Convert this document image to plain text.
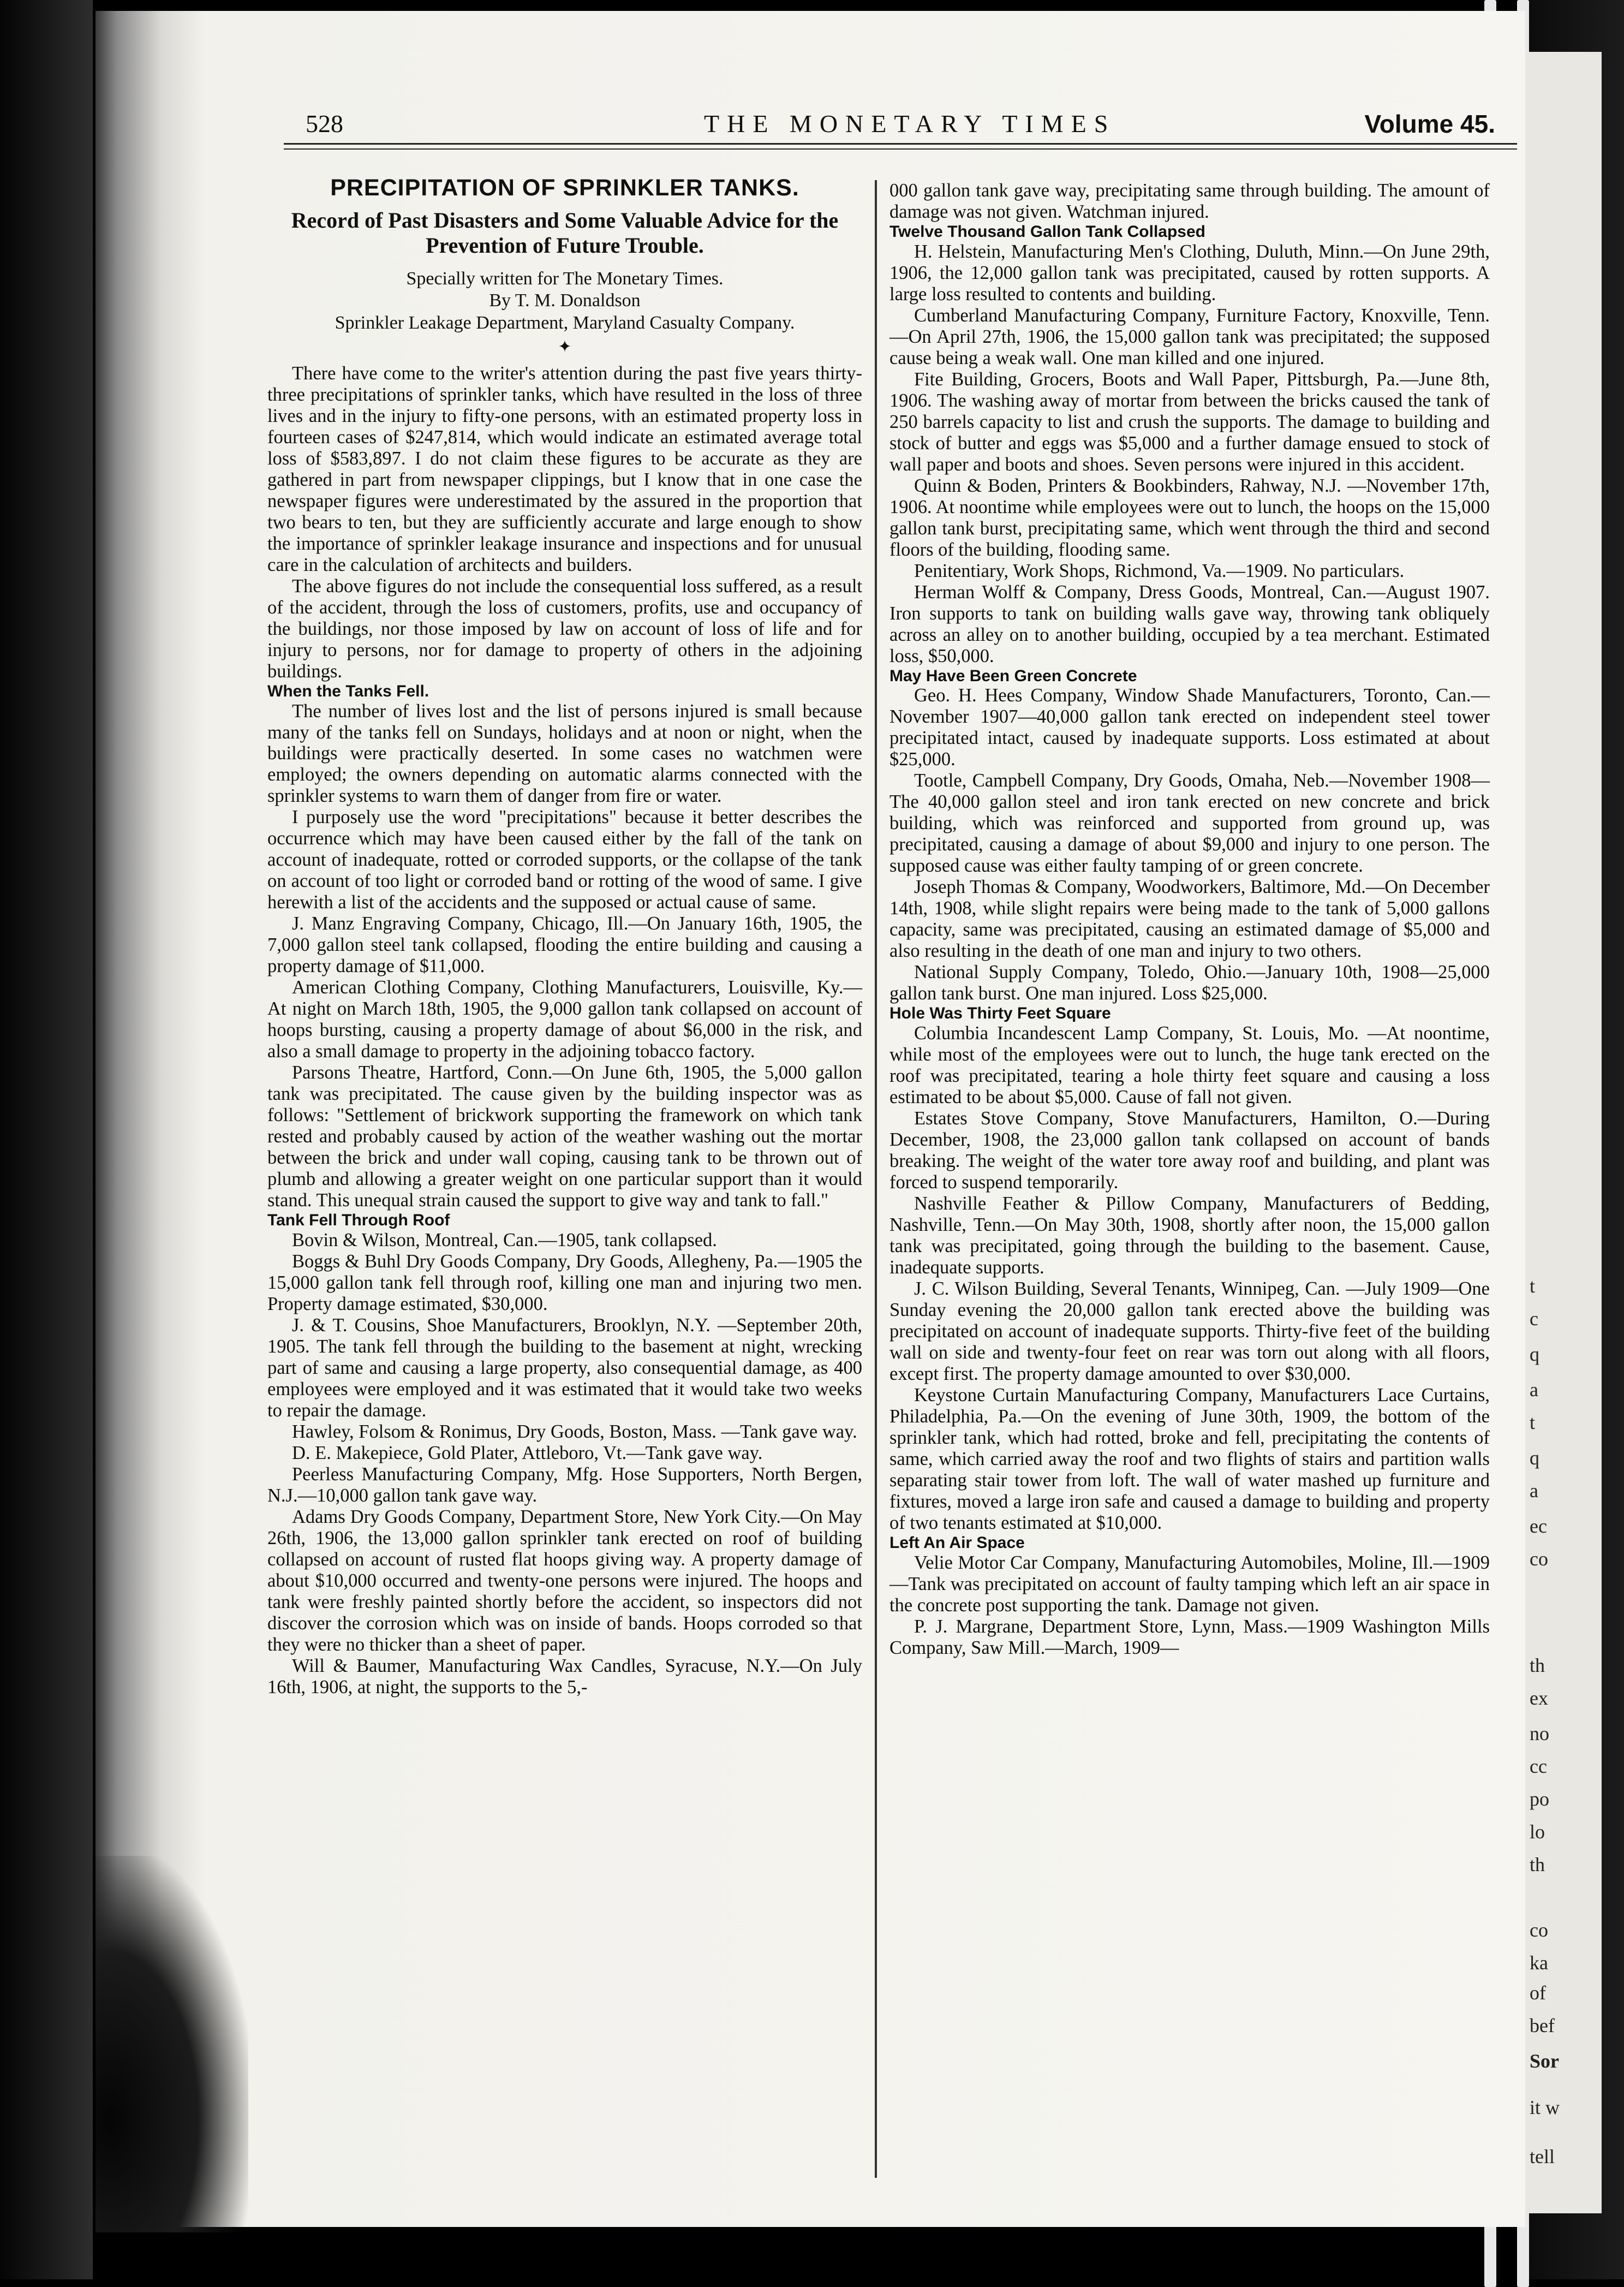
t
c
q
a
t
q
a
ec
co
th
ex
no
cc
po
lo
th
co
ka
of
bef
Sor
it w
tell
528	THE MONETARY TIMES	Volume 45.
PRECIPITATION OF SPRINKLER TANKS.
Record of Past Disasters and Some Valuable Advice for the Prevention of Future Trouble.
Specially written for The Monetary Times.
By T. M. Donaldson
Sprinkler Leakage Department, Maryland Casualty Company.
✦

There have come to the writer's attention during the past five years thirty-three precipitations of sprinkler tanks, which have resulted in the loss of three lives and in the injury to fifty-one persons, with an estimated property loss in fourteen cases of $247,814, which would indicate an estimated average total loss of $583,897. I do not claim these figures to be accurate as they are gathered in part from newspaper clippings, but I know that in one case the newspaper figures were underestimated by the assured in the proportion that two bears to ten, but they are sufficiently accurate and large enough to show the importance of sprinkler leakage insurance and inspections and for unusual care in the calculation of architects and builders.

The above figures do not include the consequential loss suffered, as a result of the accident, through the loss of customers, profits, use and occupancy of the buildings, nor those imposed by law on account of loss of life and for injury to persons, nor for damage to property of others in the adjoining buildings.

When the Tanks Fell.

The number of lives lost and the list of persons injured is small because many of the tanks fell on Sundays, holidays and at noon or night, when the buildings were practically deserted. In some cases no watchmen were employed; the owners depending on automatic alarms connected with the sprinkler systems to warn them of danger from fire or water.

I purposely use the word "precipitations" because it better describes the occurrence which may have been caused either by the fall of the tank on account of inadequate, rotted or corroded supports, or the collapse of the tank on account of too light or corroded band or rotting of the wood of same. I give herewith a list of the accidents and the supposed or actual cause of same.

J. Manz Engraving Company, Chicago, Ill.—On January 16th, 1905, the 7,000 gallon steel tank collapsed, flooding the entire building and causing a property damage of $11,000.

American Clothing Company, Clothing Manufacturers, Louisville, Ky.—At night on March 18th, 1905, the 9,000 gallon tank collapsed on account of hoops bursting, causing a property damage of about $6,000 in the risk, and also a small damage to property in the adjoining tobacco factory.

Parsons Theatre, Hartford, Conn.—On June 6th, 1905, the 5,000 gallon tank was precipitated. The cause given by the building inspector was as follows: "Settlement of brickwork supporting the framework on which tank rested and probably caused by action of the weather washing out the mortar between the brick and under wall coping, causing tank to be thrown out of plumb and allowing a greater weight on one particular support than it would stand. This unequal strain caused the support to give way and tank to fall."

Tank Fell Through Roof

Bovin & Wilson, Montreal, Can.—1905, tank collapsed.

Boggs & Buhl Dry Goods Company, Dry Goods, Allegheny, Pa.—1905 the 15,000 gallon tank fell through roof, killing one man and injuring two men. Property damage estimated, $30,000.

J. & T. Cousins, Shoe Manufacturers, Brooklyn, N.Y. —September 20th, 1905. The tank fell through the building to the basement at night, wrecking part of same and causing a large property, also consequential damage, as 400 employees were employed and it was estimated that it would take two weeks to repair the damage.

Hawley, Folsom & Ronimus, Dry Goods, Boston, Mass. —Tank gave way.

D. E. Makepiece, Gold Plater, Attleboro, Vt.—Tank gave way.

Peerless Manufacturing Company, Mfg. Hose Supporters, North Bergen, N.J.—10,000 gallon tank gave way.

Adams Dry Goods Company, Department Store, New York City.—On May 26th, 1906, the 13,000 gallon sprinkler tank erected on roof of building collapsed on account of rusted flat hoops giving way. A property damage of about $10,000 occurred and twenty-one persons were injured. The hoops and tank were freshly painted shortly before the accident, so inspectors did not discover the corrosion which was on inside of bands. Hoops corroded so that they were no thicker than a sheet of paper.

Will & Baumer, Manufacturing Wax Candles, Syracuse, N.Y.—On July 16th, 1906, at night, the supports to the 5,-

000 gallon tank gave way, precipitating same through building. The amount of damage was not given. Watchman injured.

Twelve Thousand Gallon Tank Collapsed

H. Helstein, Manufacturing Men's Clothing, Duluth, Minn.—On June 29th, 1906, the 12,000 gallon tank was precipitated, caused by rotten supports. A large loss resulted to contents and building.

Cumberland Manufacturing Company, Furniture Factory, Knoxville, Tenn.—On April 27th, 1906, the 15,000 gallon tank was precipitated; the supposed cause being a weak wall. One man killed and one injured.

Fite Building, Grocers, Boots and Wall Paper, Pittsburgh, Pa.—June 8th, 1906. The washing away of mortar from between the bricks caused the tank of 250 barrels capacity to list and crush the supports. The damage to building and stock of butter and eggs was $5,000 and a further damage ensued to stock of wall paper and boots and shoes. Seven persons were injured in this accident.

Quinn & Boden, Printers & Bookbinders, Rahway, N.J. —November 17th, 1906. At noontime while employees were out to lunch, the hoops on the 15,000 gallon tank burst, precipitating same, which went through the third and second floors of the building, flooding same.

Penitentiary, Work Shops, Richmond, Va.—1909. No particulars.

Herman Wolff & Company, Dress Goods, Montreal, Can.—August 1907. Iron supports to tank on building walls gave way, throwing tank obliquely across an alley on to another building, occupied by a tea merchant. Estimated loss, $50,000.

May Have Been Green Concrete

Geo. H. Hees Company, Window Shade Manufacturers, Toronto, Can.—November 1907—40,000 gallon tank erected on independent steel tower precipitated intact, caused by inadequate supports. Loss estimated at about $25,000.

Tootle, Campbell Company, Dry Goods, Omaha, Neb.—November 1908—The 40,000 gallon steel and iron tank erected on new concrete and brick building, which was reinforced and supported from ground up, was precipitated, causing a damage of about $9,000 and injury to one person. The supposed cause was either faulty tamping of or green concrete.

Joseph Thomas & Company, Woodworkers, Baltimore, Md.—On December 14th, 1908, while slight repairs were being made to the tank of 5,000 gallons capacity, same was precipitated, causing an estimated damage of $5,000 and also resulting in the death of one man and injury to two others.

National Supply Company, Toledo, Ohio.—January 10th, 1908—25,000 gallon tank burst. One man injured. Loss $25,000.

Hole Was Thirty Feet Square

Columbia Incandescent Lamp Company, St. Louis, Mo. —At noontime, while most of the employees were out to lunch, the huge tank erected on the roof was precipitated, tearing a hole thirty feet square and causing a loss estimated to be about $5,000. Cause of fall not given.

Estates Stove Company, Stove Manufacturers, Hamilton, O.—During December, 1908, the 23,000 gallon tank collapsed on account of bands breaking. The weight of the water tore away roof and building, and plant was forced to suspend temporarily.

Nashville Feather & Pillow Company, Manufacturers of Bedding, Nashville, Tenn.—On May 30th, 1908, shortly after noon, the 15,000 gallon tank was precipitated, going through the building to the basement. Cause, inadequate supports.

J. C. Wilson Building, Several Tenants, Winnipeg, Can. —July 1909—One Sunday evening the 20,000 gallon tank erected above the building was precipitated on account of inadequate supports. Thirty-five feet of the building wall on side and twenty-four feet on rear was torn out along with all floors, except first. The property damage amounted to over $30,000.

Keystone Curtain Manufacturing Company, Manufacturers Lace Curtains, Philadelphia, Pa.—On the evening of June 30th, 1909, the bottom of the sprinkler tank, which had rotted, broke and fell, precipitating the contents of same, which carried away the roof and two flights of stairs and partition walls separating stair tower from loft. The wall of water mashed up furniture and fixtures, moved a large iron safe and caused a damage to building and property of two tenants estimated at $10,000.

Left An Air Space

Velie Motor Car Company, Manufacturing Automobiles, Moline, Ill.—1909—Tank was precipitated on account of faulty tamping which left an air space in the concrete post supporting the tank. Damage not given.

P. J. Margrane, Department Store, Lynn, Mass.—1909 Washington Mills Company, Saw Mill.—March, 1909—
